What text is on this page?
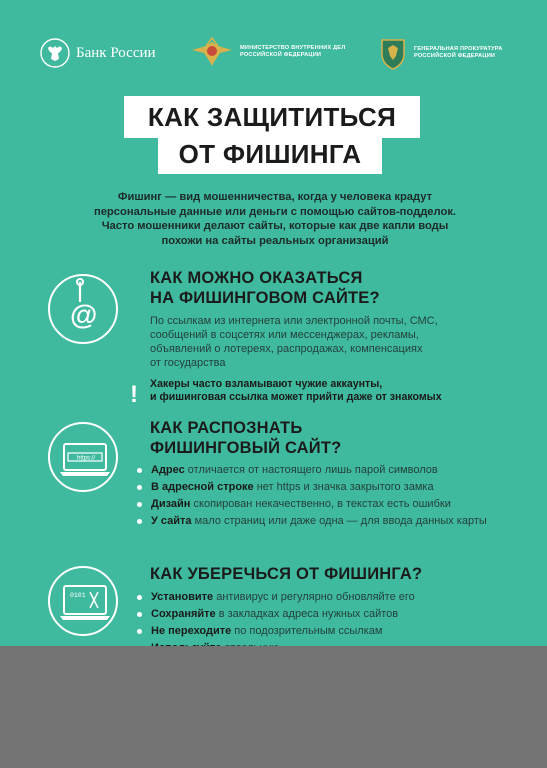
Банк России	МИНИСТЕРСТВО ВНУТРЕННИХ ДЕЛ
РОССИЙСКОЙ ФЕДЕРАЦИИ
ГЕНЕРАЛЬНАЯ ПРОКУРАТУРА
РОССИЙСКОЙ ФЕДЕРАЦИИ
КАК ЗАЩИТИТЬСЯ
ОТ ФИШИНГА
Фишинг — вид мошенничества, когда у человека крадут
персональные данные или деньги с помощью сайтов-подделок.
Часто мошенники делают сайты, которые как две капли воды
похожи на сайты реальных организаций
@
КАК МОЖНО ОКАЗАТЬСЯ
НА ФИШИНГОВОМ САЙТЕ?
По ссылкам из интернета или электронной почты, СМС,
сообщений в соцсетях или мессенджерах, рекламы,
объявлений о лотереях, распродажах, компенсациях
от государства
! Хакеры часто взламывают чужие аккаунты,
и фишинговая ссылка может прийти даже от знакомых
https://
КАК РАСПОЗНАТЬ
ФИШИНГОВЫЙ САЙТ?
Адрес отличается от настоящего лишь парой символов
В адресной строке нет https и значка закрытого замка
Дизайн скопирован некачественно, в текстах есть ошибки
У сайта мало страниц или даже одна — для ввода данных карты
0101
КАК УБЕРЕЧЬСЯ ОТ ФИШИНГА?
Установите антивирус и регулярно обновляйте его
Сохраняйте в закладках адреса нужных сайтов
Не переходите по подозрительным ссылкам
